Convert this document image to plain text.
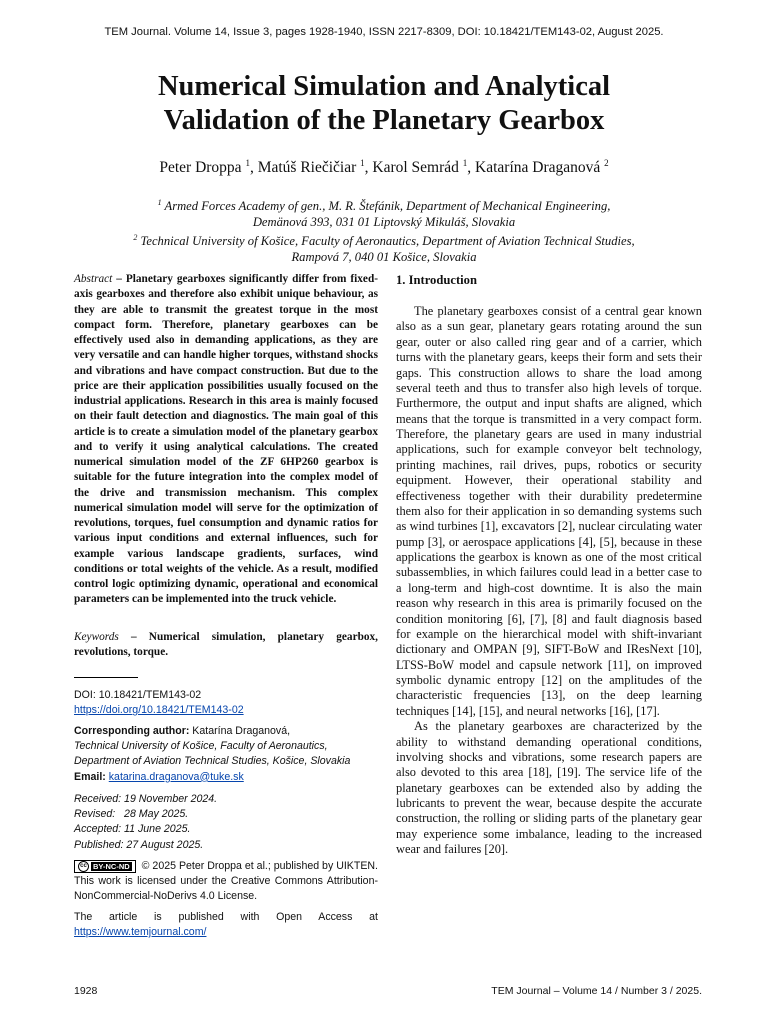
TEM Journal. Volume 14, Issue 3, pages 1928-1940, ISSN 2217-8309, DOI: 10.18421/TEM143-02, August 2025.
Numerical Simulation and Analytical
Validation of the Planetary Gearbox
Peter Droppa $^1$, Matúš Riečičiar $^1$, Karol Semrád $^1$, Katarína Draganová $^2$
$^1$ Armed Forces Academy of gen., M. R. Štefánik, Department of Mechanical Engineering,
Demänová 393, 031 01 Liptovský Mikuláš, Slovakia
$^2$ Technical University of Košice, Faculty of Aeronautics, Department of Aviation Technical Studies,
Rampová 7, 040 01 Košice, Slovakia

Abstract – Planetary gearboxes significantly differ from fixed-axis gearboxes and therefore also exhibit unique behaviour, as they are able to transmit the greatest torque in the most compact form. Therefore, planetary gearboxes can be effectively used also in demanding applications, as they are very versatile and can handle higher torques, withstand shocks and vibrations and have compact construction. But due to the price are their application possibilities usually focused on the industrial applications. Research in this area is mainly focused on their fault detection and diagnostics. The main goal of this article is to create a simulation model of the planetary gearbox and to verify it using analytical calculations. The created numerical simulation model of the ZF 6HP260 gearbox is suitable for the future integration into the complex model of the drive and transmission mechanism. This complex numerical simulation model will serve for the optimization of revolutions, torques, fuel consumption and dynamic ratios for various input conditions and external influences, such for example various landscape gradients, surfaces, wind conditions or total weights of the vehicle. As a result, modified control logic optimizing dynamic, operational and economical parameters can be implemented into the truck vehicle.

Keywords – Numerical simulation, planetary gearbox, revolutions, torque.

DOI: 10.18421/TEM143-02
https://doi.org/10.18421/TEM143-02
Corresponding author: Katarína Draganová,
Technical University of Košice, Faculty of Aeronautics,
Department of Aviation Technical Studies, Košice, Slovakia
Email: katarina.draganova@tuke.sk
Received: 19 November 2024.
Revised:   28 May 2025.
Accepted: 11 June 2025.
Published: 27 August 2025.
cc BY-NC-ND © 2025 Peter Droppa et al.; published by UIKTEN. This work is licensed under the Creative Commons Attribution-NonCommercial-NoDerivs 4.0 License.
The article is published with Open Access at https://www.temjournal.com/
1. Introduction

The planetary gearboxes consist of a central gear known also as a sun gear, planetary gears rotating around the sun gear, outer or also called ring gear and of a carrier, which turns with the planetary gears, keeps their form and sets their gaps. This construction allows to share the load among several teeth and thus to transfer also high levels of torque. Furthermore, the output and input shafts are aligned, which means that the torque is transmitted in a very compact form. Therefore, the planetary gears are used in many industrial applications, such for example conveyor belt technology, printing machines, rail drives, pups, robotics or security equipment. However, their operational stability and effectiveness together with their durability predetermine them also for their application in so demanding systems such as wind turbines [1], excavators [2], nuclear circulating water pump [3], or aerospace applications [4], [5], because in these applications the gearbox is known as one of the most critical subassemblies, in which failures could lead in a better case to a long-term and high-cost downtime. It is also the main reason why research in this area is primarily focused on the condition monitoring [6], [7], [8] and fault diagnosis based for example on the hierarchical model with shift-invariant dictionary and OMPAN [9], SIFT-BoW and IResNext [10], LTSS-BoW model and capsule network [11], on improved symbolic dynamic entropy [12] on the amplitudes of the characteristic frequencies [13], on the deep learning techniques [14], [15], and neural networks [16], [17].

As the planetary gearboxes are characterized by the ability to withstand demanding operational conditions, involving shocks and vibrations, some research papers are also devoted to this area [18], [19]. The service life of the planetary gearboxes can be extended also by adding the lubricants to prevent the wear, because despite the accurate construction, the rolling or sliding parts of the planetary gear may experience some imbalance, leading to the increased wear and failures [20].

1928	TEM Journal – Volume 14 / Number 3 / 2025.
